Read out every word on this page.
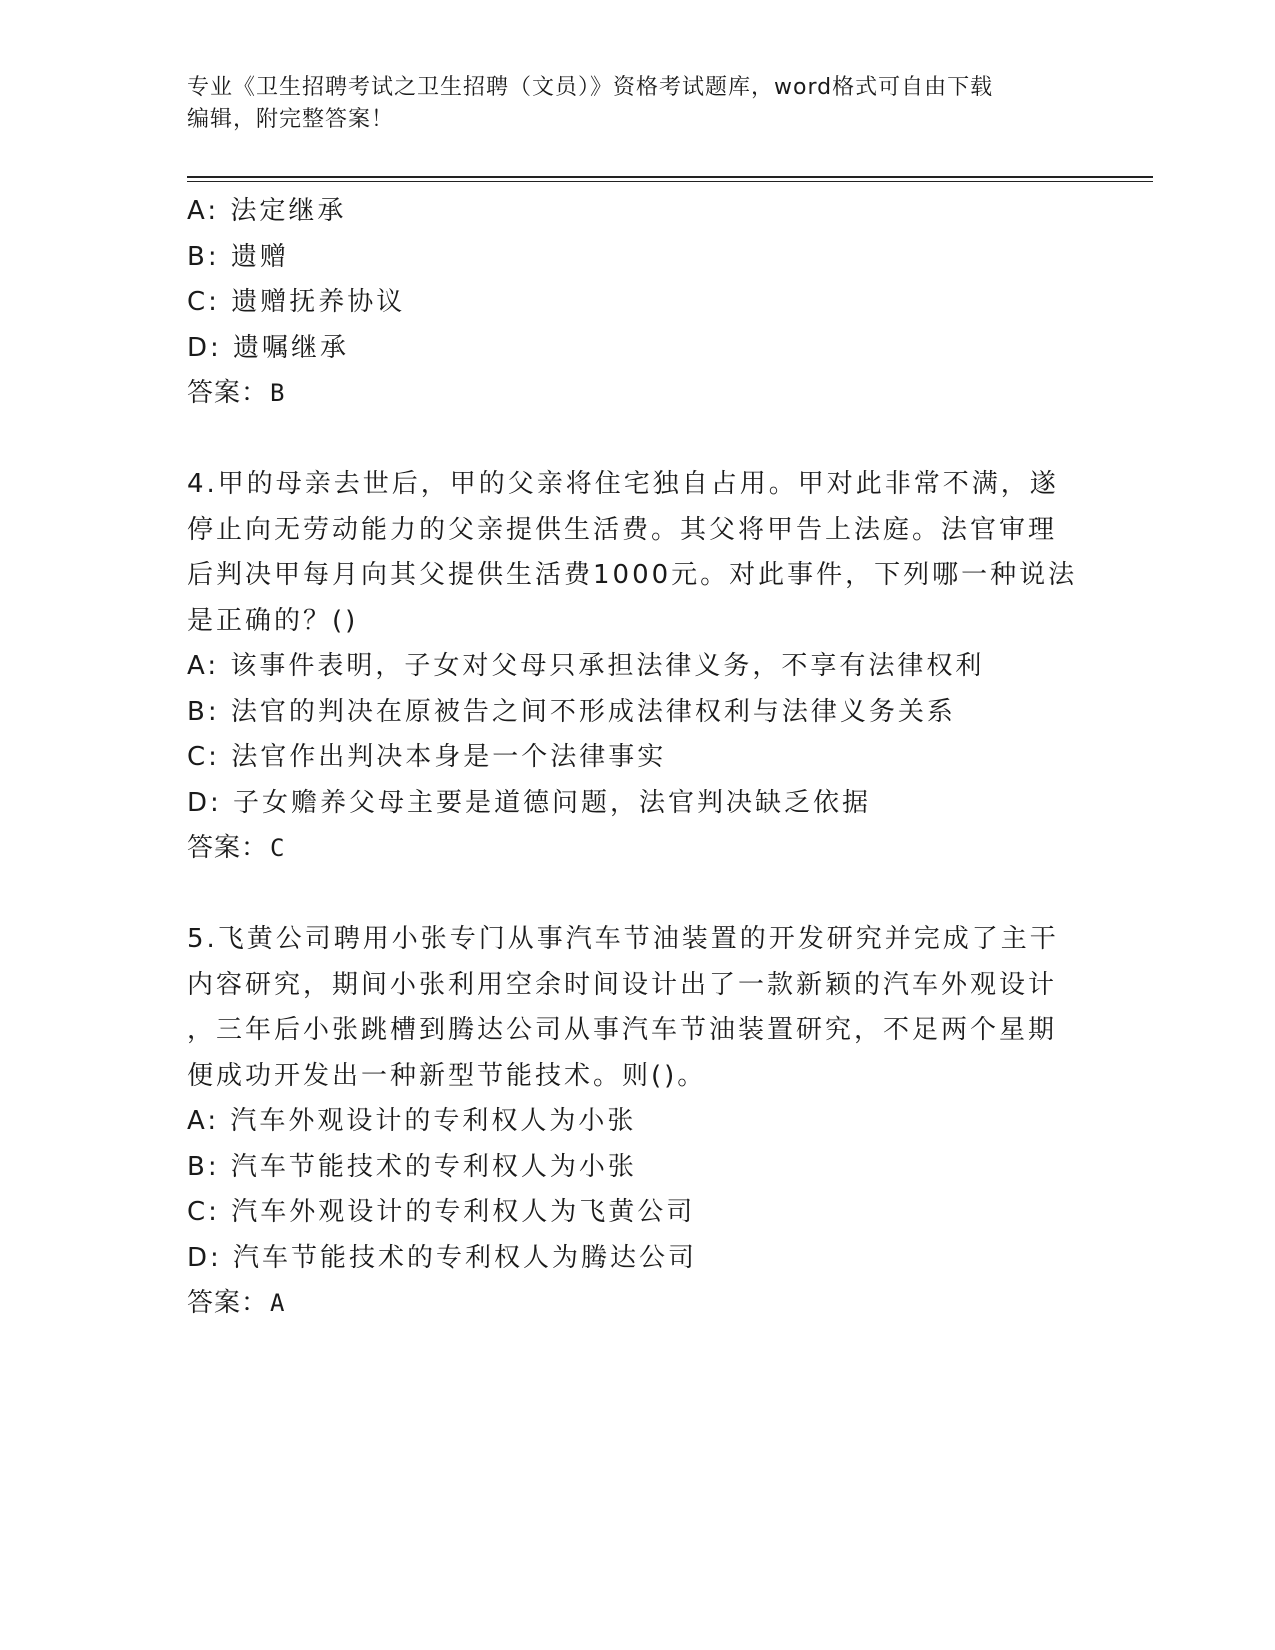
专业《卫生招聘考试之卫生招聘（文员）》资格考试题库，word格式可自由下载
编辑，附完整答案！
A: 法定继承
B: 遗赠
C: 遗赠抚养协议
D: 遗嘱继承
答案：B
4.甲的母亲去世后，甲的父亲将住宅独自占用。甲对此非常不满，遂
停止向无劳动能力的父亲提供生活费。其父将甲告上法庭。法官审理
后判决甲每月向其父提供生活费1000元。对此事件，下列哪一种说法
是正确的？()
A: 该事件表明，子女对父母只承担法律义务，不享有法律权利
B: 法官的判决在原被告之间不形成法律权利与法律义务关系
C: 法官作出判决本身是一个法律事实
D: 子女赡养父母主要是道德问题，法官判决缺乏依据
答案：C
5.飞黄公司聘用小张专门从事汽车节油装置的开发研究并完成了主干
内容研究，期间小张利用空余时间设计出了一款新颖的汽车外观设计
，三年后小张跳槽到腾达公司从事汽车节油装置研究，不足两个星期
便成功开发出一种新型节能技术。则()。
A: 汽车外观设计的专利权人为小张
B: 汽车节能技术的专利权人为小张
C: 汽车外观设计的专利权人为飞黄公司
D: 汽车节能技术的专利权人为腾达公司
答案：A
